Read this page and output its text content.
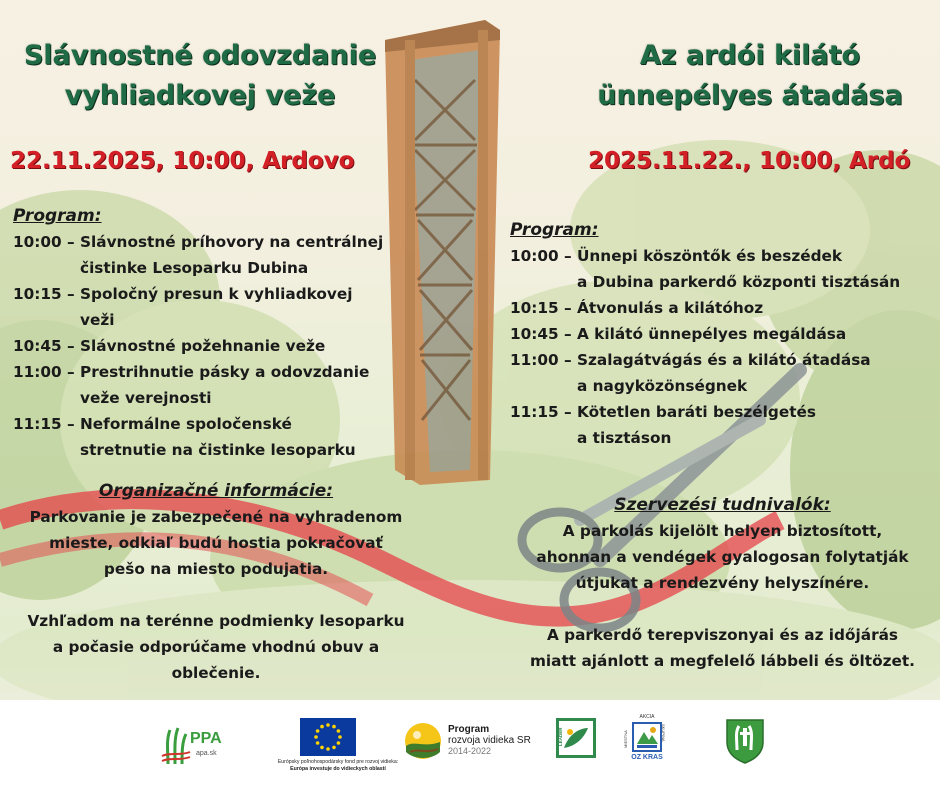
Slávnostné odovzdanie
vyhliadkovej veže
22.11.2025, 10:00, Ardovo
Program:
10:00 – Slávnostné príhovory na centrálnej
čistinke Lesoparku Dubina
10:15 – Spoločný presun k vyhliadkovej
veži
10:45 – Slávnostné požehnanie veže
11:00 – Prestrihnutie pásky a odovzdanie
veže verejnosti
11:15 – Neformálne spoločenské
stretnutie na čistinke lesoparku
Organizačné informácie:
Parkovanie je zabezpečené na vyhradenom
mieste, odkiaľ budú hostia pokračovať
pešo na miesto podujatia.
Vzhľadom na terénne podmienky lesoparku
a počasie odporúčame vhodnú obuv a
oblečenie.
Az ardói kilátó
ünnepélyes átadása
2025.11.22., 10:00, Ardó
Program:
10:00 – Ünnepi köszöntők és beszédek
a Dubina parkerdő központi tisztásán
10:15 – Átvonulás a kilátóhoz
10:45 – A kilátó ünnepélyes megáldása
11:00 – Szalagátvágás és a kilátó átadása
a nagyközönségnek
11:15 – Kötetlen baráti beszélgetés
a tisztáson
Szervezési tudnivalók:
A parkolás kijelölt helyen biztosított,
ahonnan a vendégek gyalogosan folytatják
útjukat a rendezvény helyszínére.
A parkerdő terepviszonyai és az időjárás
miatt ajánlott a megfelelő lábbeli és öltözet.
PPA
apa.sk
Európsky poľnohospodársky fond pre rozvoj vidieka:
Európa investuje do vidieckych oblastí
Program
rozvoja vidieka SR
2014-2022
LEADER
AKCIA
MIESTNA	SKUPINA
OZ KRAS
